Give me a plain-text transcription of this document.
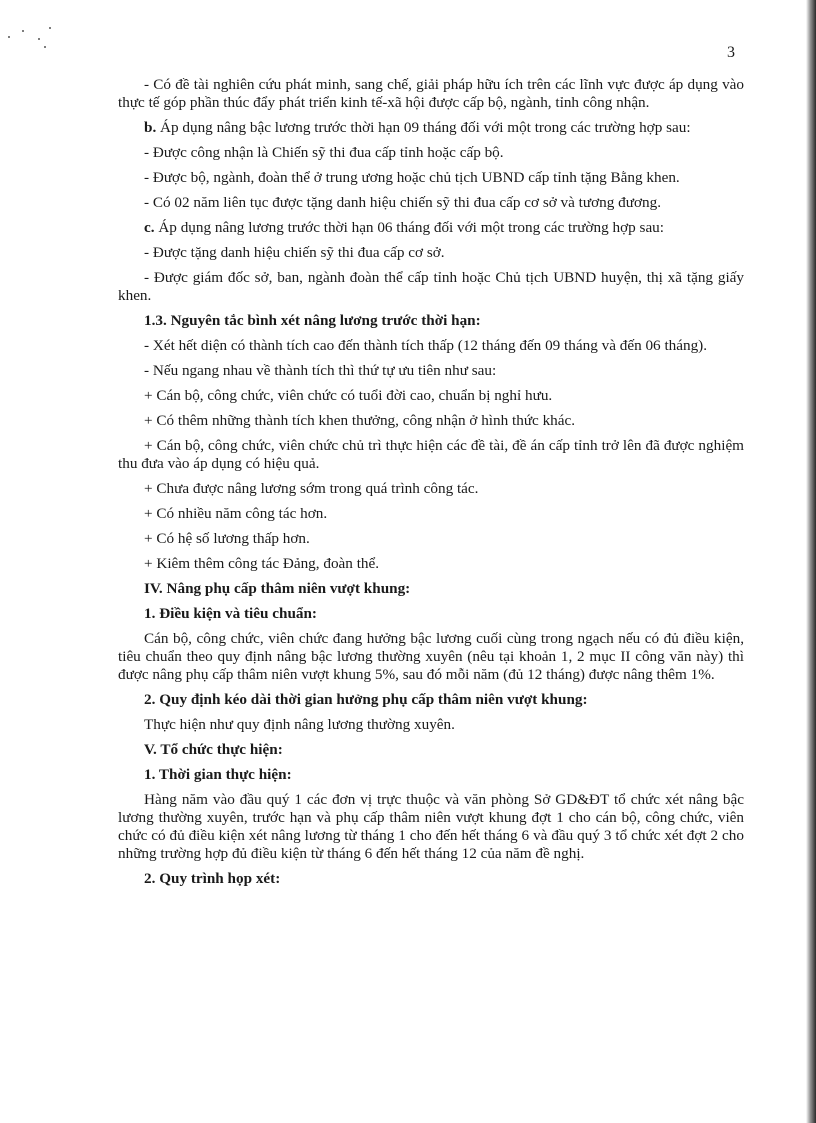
3

- Có đề tài nghiên cứu phát minh, sang chế, giải pháp hữu ích trên các lĩnh vực được áp dụng vào thực tế góp phần thúc đẩy phát triển kinh tế-xã hội được cấp bộ, ngành, tỉnh công nhận.

b. Áp dụng nâng bậc lương trước thời hạn 09 tháng đối với một trong các trường hợp sau:

- Được công nhận là Chiến sỹ thi đua cấp tỉnh hoặc cấp bộ.

- Được bộ, ngành, đoàn thể ở trung ương hoặc chủ tịch UBND cấp tỉnh tặng Bằng khen.

- Có 02 năm liên tục được tặng danh hiệu chiến sỹ thi đua cấp cơ sở và tương đương.

c. Áp dụng nâng lương trước thời hạn 06 tháng đối với một trong các trường hợp sau:

- Được tặng danh hiệu chiến sỹ thi đua cấp cơ sở.

- Được giám đốc sở, ban, ngành đoàn thể cấp tỉnh hoặc Chủ tịch UBND huyện, thị xã tặng giấy khen.

1.3. Nguyên tắc bình xét nâng lương trước thời hạn:

- Xét hết diện có thành tích cao đến thành tích thấp (12 tháng đến 09 tháng và đến 06 tháng).

- Nếu ngang nhau về thành tích thì thứ tự ưu tiên như sau:

+ Cán bộ, công chức, viên chức có tuổi đời cao, chuẩn bị nghỉ hưu.

+ Có thêm những thành tích khen thưởng, công nhận ở hình thức khác.

+ Cán bộ, công chức, viên chức chủ trì thực hiện các đề tài, đề án cấp tỉnh trở lên đã được nghiệm thu đưa vào áp dụng có hiệu quả.

+ Chưa được nâng lương sớm trong quá trình công tác.

+ Có nhiều năm công tác hơn.

+ Có hệ số lương thấp hơn.

+ Kiêm thêm công tác Đảng, đoàn thể.

IV. Nâng phụ cấp thâm niên vượt khung:

1. Điều kiện và tiêu chuẩn:

Cán bộ, công chức, viên chức đang hưởng bậc lương cuối cùng trong ngạch nếu có đủ điều kiện, tiêu chuẩn theo quy định nâng bậc lương thường xuyên (nêu tại khoản 1, 2 mục II công văn này) thì được nâng phụ cấp thâm niên vượt khung 5%, sau đó mỗi năm (đủ 12 tháng) được nâng thêm 1%.

2. Quy định kéo dài thời gian hưởng phụ cấp thâm niên vượt khung:

Thực hiện như quy định nâng lương thường xuyên.

V. Tổ chức thực hiện:

1. Thời gian thực hiện:

Hàng năm vào đầu quý 1 các đơn vị trực thuộc và văn phòng Sở GD&ĐT tổ chức xét nâng bậc lương thường xuyên, trước hạn và phụ cấp thâm niên vượt khung đợt 1 cho cán bộ, công chức, viên chức có đủ điều kiện xét nâng lương từ tháng 1 cho đến hết tháng 6 và đầu quý 3 tổ chức xét đợt 2 cho những trường hợp đủ điều kiện từ tháng 6 đến hết tháng 12 của năm đề nghị.

2. Quy trình họp xét:
